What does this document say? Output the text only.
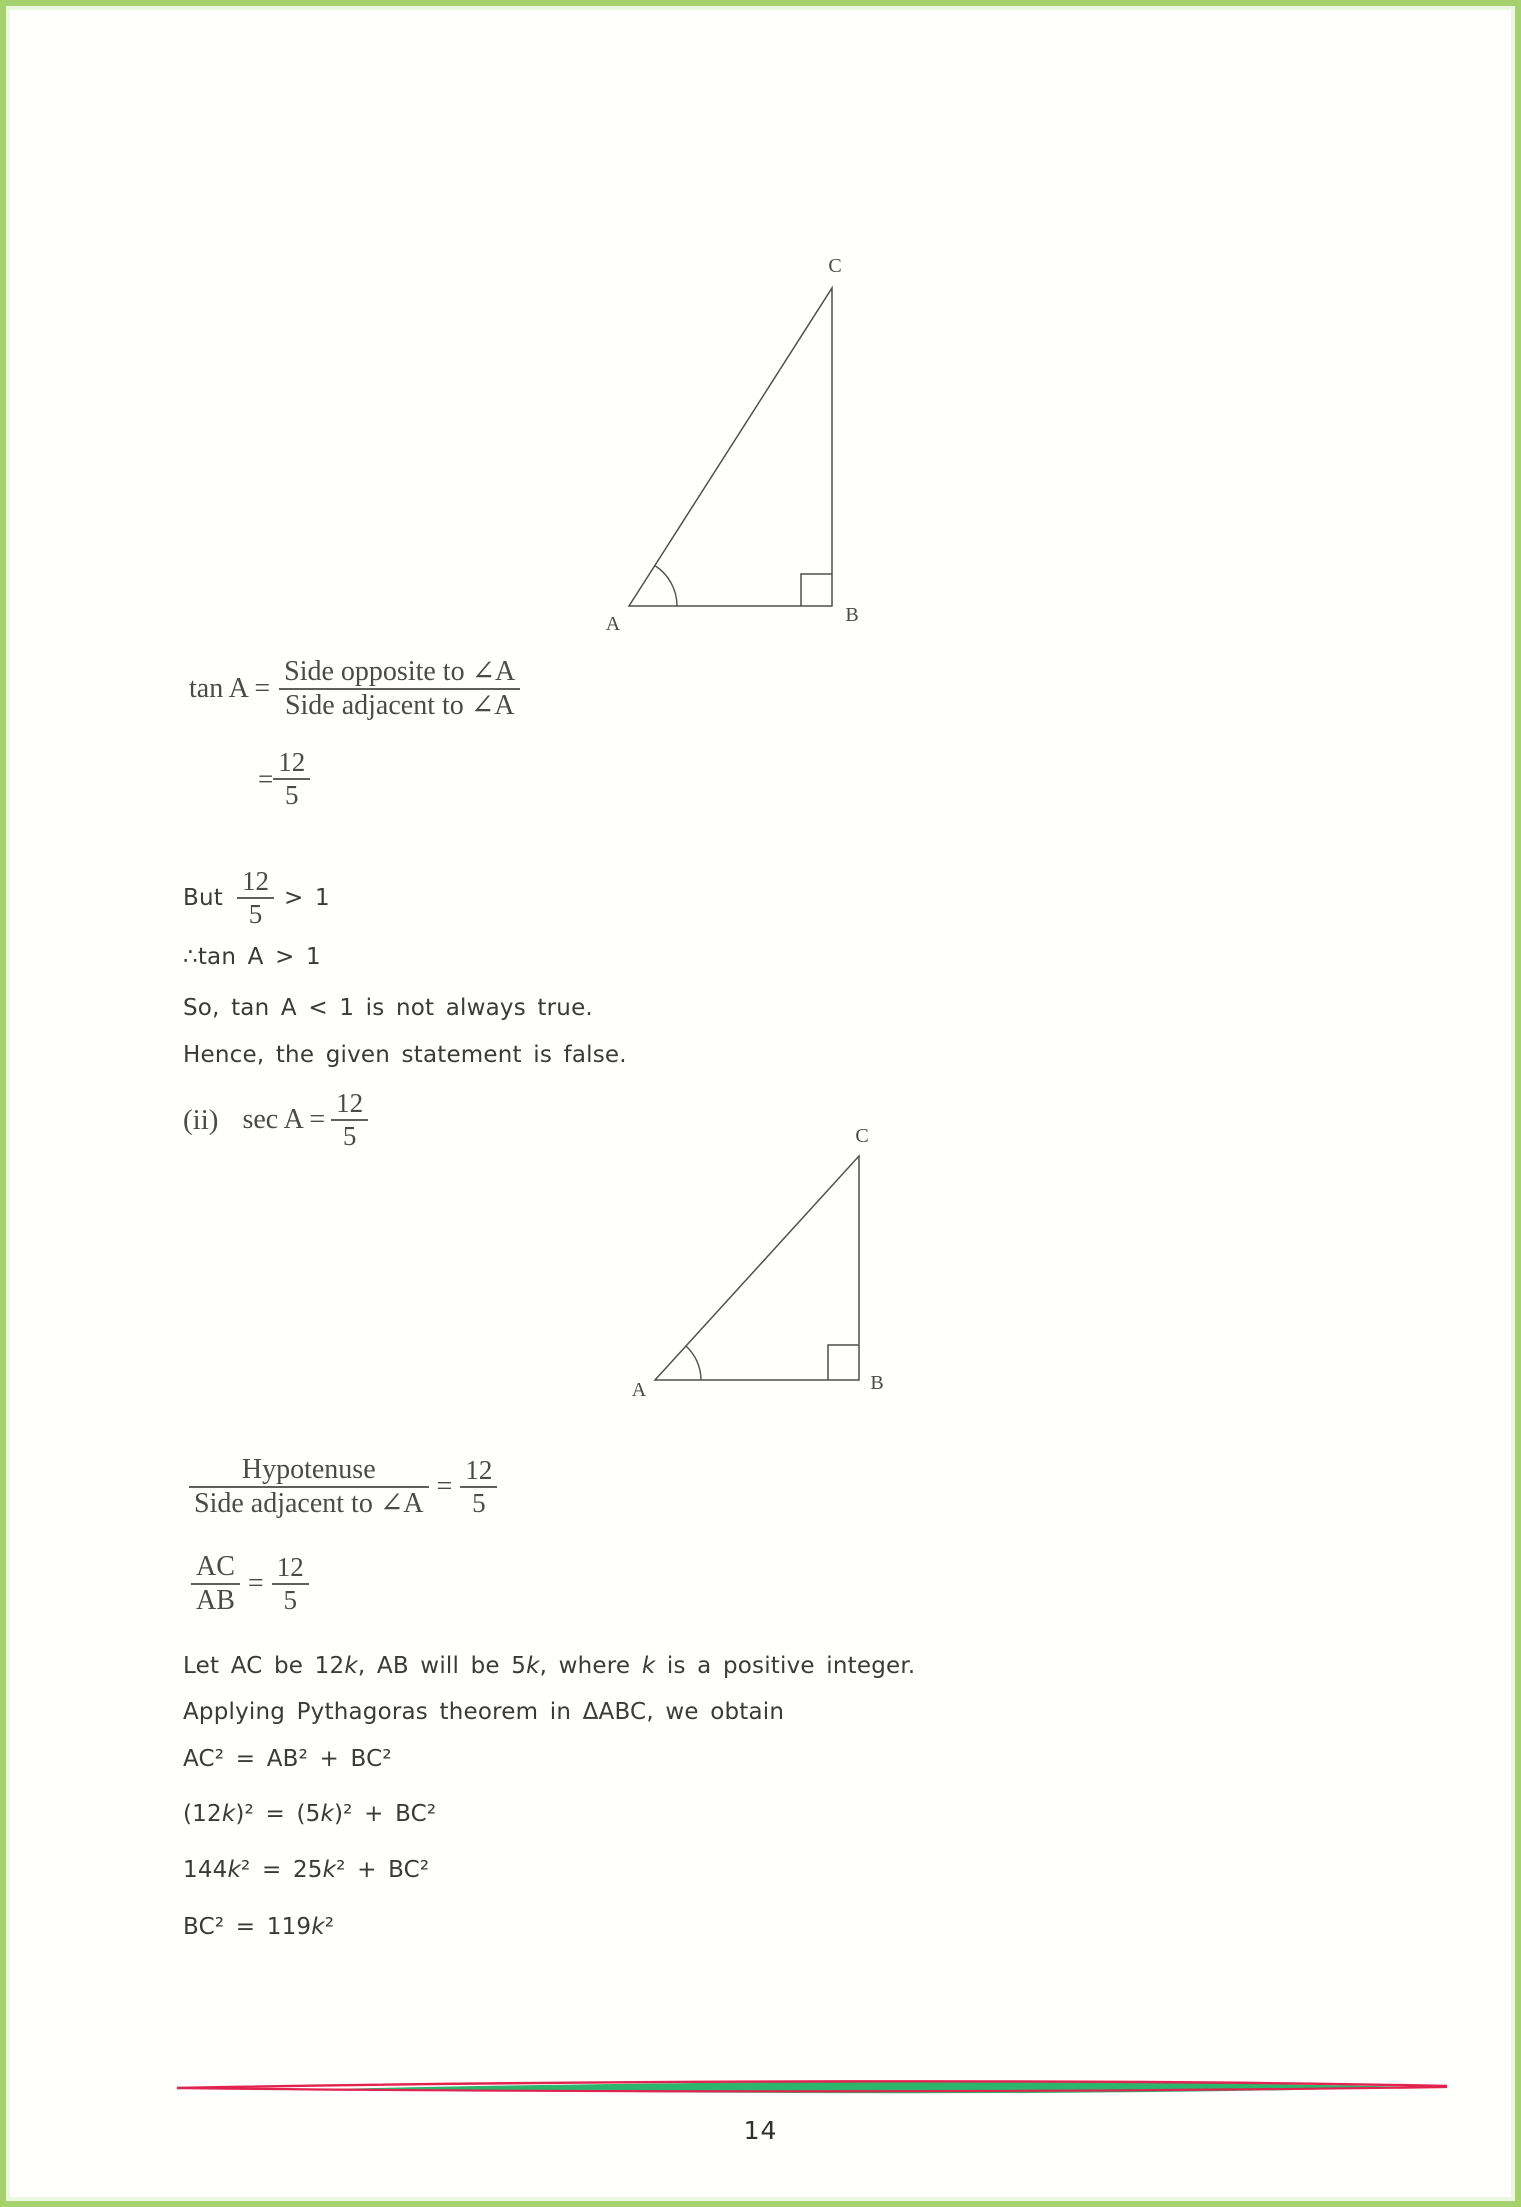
A	B
C
$\tan A = \frac{\text{Side opposite to ∠A}}{\text{Side adjacent to ∠A}}$
= $\frac{12}{5}$
But $\frac{12}{5} > 1$
∴tan A > 1
So, tan A < 1 is not always true.
Hence, the given statement is false.
(ii) $\sec A = \frac{12}{5}$
A	B
C
$\frac{\text{Hypotenuse}}{\text{Side adjacent to ∠A}} = \frac{12}{5}$
$\frac{AC}{AB} = \frac{12}{5}$
Let AC be 12k, AB will be 5k, where k is a positive integer.
Applying Pythagoras theorem in ΔABC, we obtain
AC² = AB² + BC²
(12k)² = (5k)² + BC²
144k² = 25k² + BC²
BC² = 119k²
14
